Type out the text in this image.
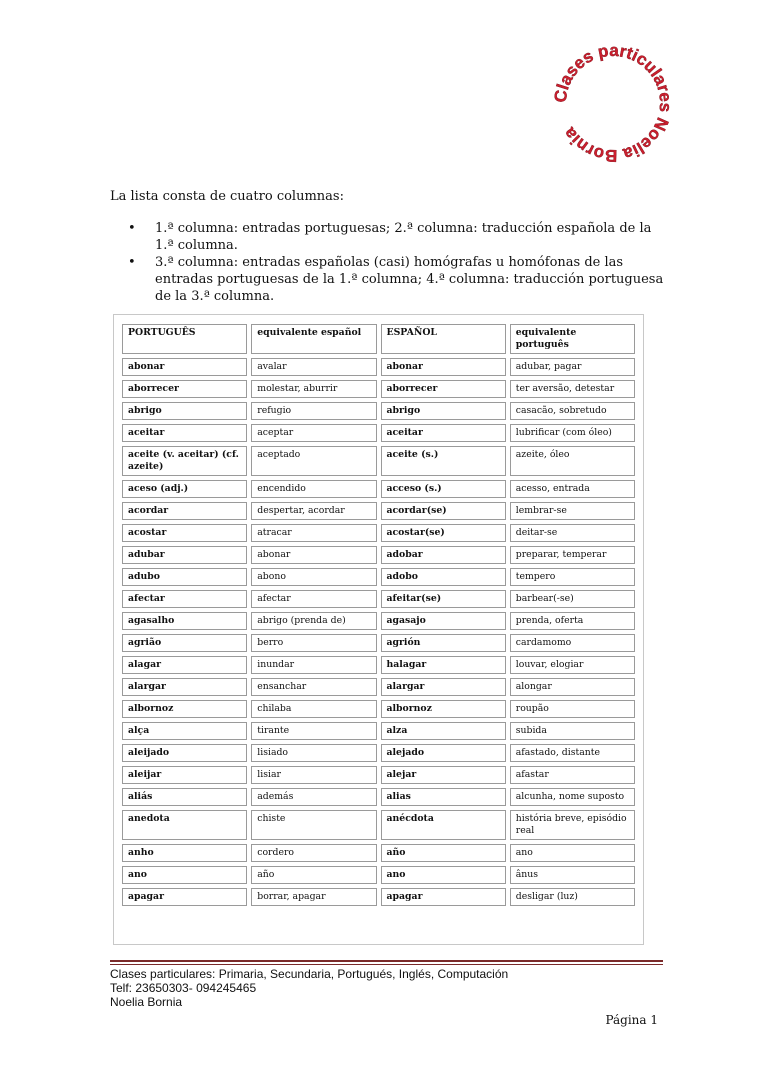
Clases particulares Noelia Bornia
La lista consta de cuatro columnas:
• 1.ª columna: entradas portuguesas; 2.ª columna: traducción española de la 1.ª columna.
• 3.ª columna: entradas españolas (casi) homógrafas u homófonas de las entradas portuguesas de la 1.ª columna; 4.ª columna: traducción portuguesa de la 3.ª columna.
PORTUGUÊS	equivalente español	ESPAÑOL	equivalente português
abonar	avalar	abonar	adubar, pagar
aborrecer	molestar, aburrir	aborrecer	ter aversão, detestar
abrigo	refugio	abrigo	casacão, sobretudo
aceitar	aceptar	aceitar	lubrificar (com óleo)
aceite (v. aceitar) (cf. azeite)	aceptado	aceite (s.)	azeite, óleo
aceso (adj.)	encendido	acceso (s.)	acesso, entrada
acordar	despertar, acordar	acordar(se)	lembrar-se
acostar	atracar	acostar(se)	deitar-se
adubar	abonar	adobar	preparar, temperar
adubo	abono	adobo	tempero
afectar	afectar	afeitar(se)	barbear(-se)
agasalho	abrigo (prenda de)	agasajo	prenda, oferta
agrião	berro	agrión	cardamomo
alagar	inundar	halagar	louvar, elogiar
alargar	ensanchar	alargar	alongar
albornoz	chilaba	albornoz	roupão
alça	tirante	alza	subida
aleijado	lisiado	alejado	afastado, distante
aleijar	lisiar	alejar	afastar
aliás	además	alias	alcunha, nome suposto
anedota	chiste	anécdota	história breve, episódio real
anho	cordero	año	ano
ano	año	ano	ânus
apagar	borrar, apagar	apagar	desligar (luz)
Clases particulares: Primaria, Secundaria, Portugués, Inglés, Computación
Telf: 23650303- 094245465
Noelia Bornia
Página 1
